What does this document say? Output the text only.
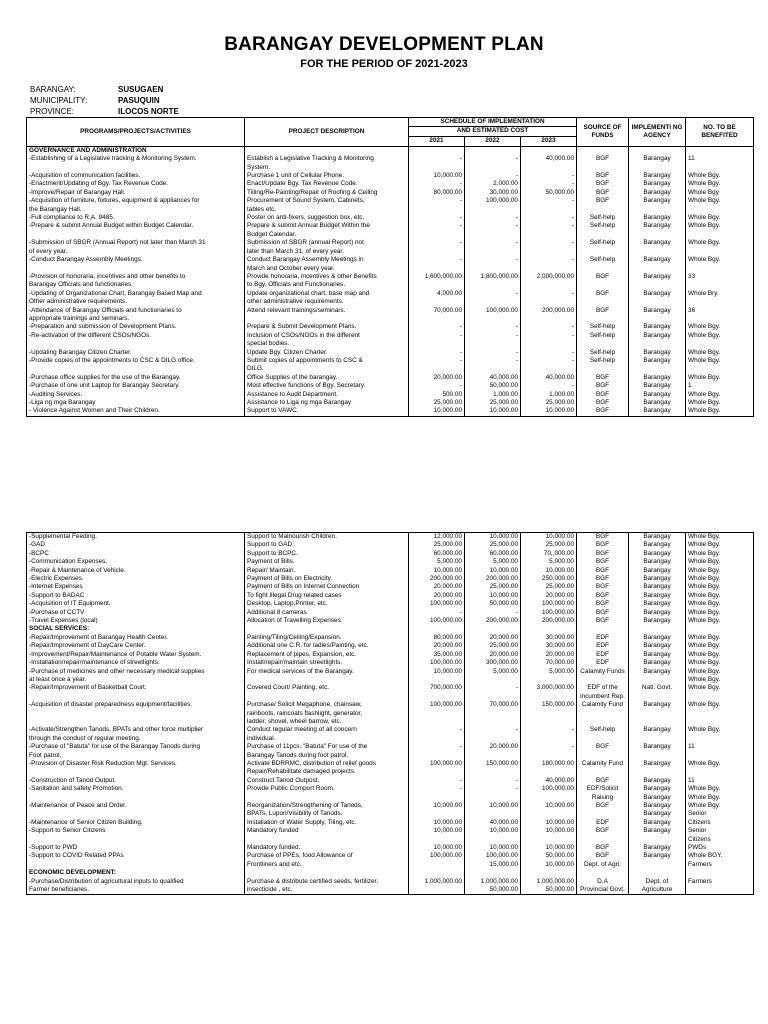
BARANGAY DEVELOPMENT PLAN
FOR THE PERIOD OF 2021-2023
BARANGAY:	SUSUGAEN
MUNICIPALITY:	PASUQUIN
PROVINCE:	ILOCOS NORTE
PROGRAMS/PROJECTS/ACTIVITIES	PROJECT DESCRIPTION	SCHEDULE OF IMPLEMENTATION			SOURCE OF FUNDS	IMPLEMENTI NG AGENCY	NO. TO BE BENEFITED
		AND ESTIMATED COST					
		2021	2022	2023			
GOVERNANCE AND ADMINISTRATION							
-Establishing of a Legislative tracking & Monitoring System.	Establish a Legislative Tracking & Monitoring	-	-	40,000.00	BGF	Barangay	11
	System.						
-Acquisition of communication facilities.	Purchase 1 unit of Cellular Phone.	10,000.00	-	-	BGF	Barangay	Whole Bgy.
-Enactment/Updating of Bgy. Tax Revenue Code.	Enact/Update Bgy. Tax Revenue Code.	-	2,000.00	-	BGF	Barangay	Whole Bgy.
-Improve/Repair of Barangay Hall.	Tiiling/Re-Painting/Repair of Roofing & Ceiling	80,000.00	30,000.00	50,000.00	BGF	Barangay	Whole Bgy
-Acquisition of furniture, fixtures, equipment & appliances for	Procurement of Sound System, Cabinets,	-	100,000.00	-	BGF	Barangay	Whole Bgy.
the Barangay Hall.	tables etc.						
-Full compliance to R.A. 9485.	Poster on anti-fixers, suggestion box, etc.	-	-	-	Self-help	Barangay	Whole Bgy.
-Prepare & submit Annual Budget within Budget Calendar.	Prepare & submit Annual Budget Within the	-	-	-	Self-help	Barangay	Whole Bgy.
	Budget Calendar.						
-Submission of SBGR (Annual Report) not later than March 31	Submission of SBGR (annual Report) not	-	-	-	Self-help	Barangay	Whole Bgy.
of every year.	later than March 31, of every year.						
-Conduct Barangay Assembly Meetings.	Conduct Barangay Assembly Meetings in	-	-	-	Self-help	Barangay	Whole Bgy.
	March and October every year.						
-Provision of honoraria, incentives and other benefits to	Provide honoraria, incentives & other Benefits	1,600,000.00	1,800,000.00	2,000,000.00	BGF	Barangay	33
Barangay Officials and functionaries.	to Bgy. Officials and Functionaries.						
-Updating of Organizational Chart, Barangay Based Map and	Update organizational chart, base map and	4,000.00	-	-	BGF	Barangay	Whole Bry.
Other administrative requirements.	other administrative requirements.						
-Attendance of Barangay Officials and functionaries to	Attend relevant trainings/seminars.	70,000.00	100,000.00	200,000.00	BGF	Barangay	36
appropriate trainings and seminars.							
-Preparation and submission of Development Plans.	Prepare & Submit Development Plans.	-	-	-	Self-help	Barangay	Whole Bgy.
-Re-activation of the different CSOs/NGOs.	Inclusion of CSOs/NGOs in the different	-	-	-	Self-help	Barangay	Whole Bgy.
	special bodies.						
-Updating Barangay Citizen Charter.	Update Bgy. Citizen Charter.	-	-	-	Self-help	Barangay	Whole Bgy.
-Provide copies of the appointments to CSC & DILG office.	Submit copies of appointments to CSC &	-	-	-	Self-help	Barangay	Whole Bgy.
	DILG.						
-Purchase office supplies for the use of the Barangay.	Office Supplies of the barangay.	20,000.00	40,000.00	40,000.00	BGF	Barangay	Whole Bgy.
-Purchase of one unit Laptop for Barangay Secretary.	Most effective functions of Bgy. Secretary.	-	50,000.00	-	BGF	Barangay	1
-Auditing Services.	Assistance to Audit Department.	500.00	1,000.00	1,000.00	BGF	Barangay	Whole Bgy.
-Liga ng mga Barangay	Assistance to Liga ng mga Barangay	25,000.00	25,000.00	25,000.00	BGF	Barangay	Whole Bgy.
- Violence Against Women and Their Children.	Support to VAWC.	10,000.00	10,000.00	10,000.00	BGF	Barangay	Whole Bgy.
-Supplemental Feeding.	Support to Malnourish Children.	12,000.00	10,000.00	10,000.00	BGF	Barangay	Whole Bgy.
-GAD	Support to GAD.	25,000.00	25,000.00	25,000.00	BGF	Barangay	Whole Bgy.
-BCPC	Support to BCPC.	60,000.00	60,000.00	70,,000.00	BGF	Barangay	Whole Bgy.
-Communication Expenses.	Payment of Bills.	5,000.00	5,000.00	5,000.00	BGF	Barangay	Whole Bgy.
-Repair & Maintenance of Vehicle.	Repair/ Maintain.	10,000.00	10,000.00	10,000.00	BGF	Barangay	Whole Bgy.
-Electric Expenses.	Payment of Bills on Electricity.	200,000.00	200,000.00	250,000.00	BGF	Barangay	Whole Bgy.
-Internet Expenses	Payment of Bills on Internet Connection	20,000.00	25,000.00	25,000.00	BGF	Barangay	Whole Bgy.
-Support to BADAC	To fight Illegal Drug related cases	20,000.00	10,000.00	20,000.00	BGF	Barangay	Whole Bgy.
-Acquisition of IT Equipment.	Desktop, Laptop,Printer, etc.	100,000.00	50,000.00	100,000.00	BGF	Barangay	Whole Bgy.
-Purchase of CCTV	Additional 8 cameras	-	-	100,000.00	BGF	Barangay	Whole Bgy.
-Travel Expenses (local)	Allocation of Travelling Expenses	100,000.00	200,000.00	200,000.00	BGF	Barangay	Whole Bgy.
SOCIAL SERVICES:							
-Repair/Improvement of Barangay Health Center.	Painting/Tiling/Ceiling/Expansion.	80,000.00	20,000.00	30,000.00	EDF	Barangay	Whole Bgy.
-Repair/Improvement of DayCare Center.	Additional one C.R. for ladies/Painting, etc.	20,000.00	25,000.00	30,000.00	EDF	Barangay	Whole Bgy.
-Improvement/Repair/Maintenance of Potable Water System.	Replacement of pipes, Expansion, etc.	35,000.00	20,000.00	20,000.00	EDF	Barangay	Whole Bgy.
-Installation/repair/maintenance of streetlights.	Install/repair/maintain streetlights.	100,000.00	300,000.00	70,000.00	EDF	Barangay	Whole Bgy.
-Purchase of medicines and other necessary medical supplies	For medical services of the Barangay.	10,000.00	5,000.00	5,000.00	Calamity Funds	Barangay	Whole Bgy.
at least once a year.							Whole Bgy.
-Repair/Improvement of Basketball Court.	Covered Court/ Painting, etc.	700,000.00	-	3,000,000.00	EDF of the	Natl. Govt.	Whole Bgy.
					incumbent Rep.		
-Acquisition of disaster preparedness equipment/facilities.	Purchase/ Solicit Megaphone, chainsaw,	100,000.00	70,000.00	150,000.00	Calamity Fund	Barangay	Whole Bgy.
	rainboots, raincoats flashlight, generator,						
	ladder, shovel, wheel barrow, etc.						
-Activate/Strengthen Tanods, BPATs and other force multiplier	Conduct regular meeting of all concern	-	-	-	Self-help	Barangay	Whole Bgy.
through the conduct of regular meeting.	individual.						
-Purchase of "Batuta" for use of the Barangay Tanods during	Purchase of 11pcs. "Batuta" For use of the	-	20,000.00	-	BGF	Barangay	11
Foot patrol.	Barangay Tanods during foot patrol.						
-Provision of Disaster Risk Reduction Mgt. Services.	Activate BDRRMC, distribution of relief goods	100,000.00	150,000.00	180,000.00	Calamity Fund	Barangay	Whole Bgy.
	Repair/Rehabilitate damaged projects.						
-Construction of Tanod Output.	Construct Tanod Outpost.	-	-	40,000.00	BGF	Barangay	11
-Sanitation and safety Promotion.	Provide Public Comport Room.	-	-	100,000.00	EDF/Solicit	Barangay	Whole Bgy.
					Raising	Barangay	Whole Bgy.
-Maintenance of Peace and Order.	Reorganization/Strengthening of Tanods,	10,000.00	10,000.00	10,000.00	BGF	Barangay	Whole Bgy.
	BPATs, Lupon/Visibility of Tanods.					Barangay	Senior
-Maintenance of Senior Citizen Building.	Installation of Water Supply, Tiling, etc.	10,000.00	40,000.00	10,000.00	EDF	Barangay	Citizens

-Support to Senior Citizens	Mandatory funded	10,000.00	10,000.00	10,000.00	BGF	Barangay	Senior
							Citizens
-Support to PWD	Mandatory funded.	10,000.00	10,000.00	10,000.00	BGF	Barangay	PWDs
-Support to COVID Related PPAs	Purchase of PPEs, food Allowance of	100,000.00	100,000.00	50,000.00	BGF	Barangay	Whole BGY.
	Frontliners and etc.		15,000.00	10,000.00	Dept. of Agri.		Farmers
ECONOMIC DEVELOPMENT:							
-Purchase/Distribution of agricultural inputs to qualified	Purchase & distribute certified seeds, fertilizer,	1,000,000.00	1,000,000.00	1,000,000.00	D.A	Dept. of	Farmers
Farmer beneficiaries.	insecticide , etc.		50,000.00	50,000.00	Provincial Govt.	Agriculture	
